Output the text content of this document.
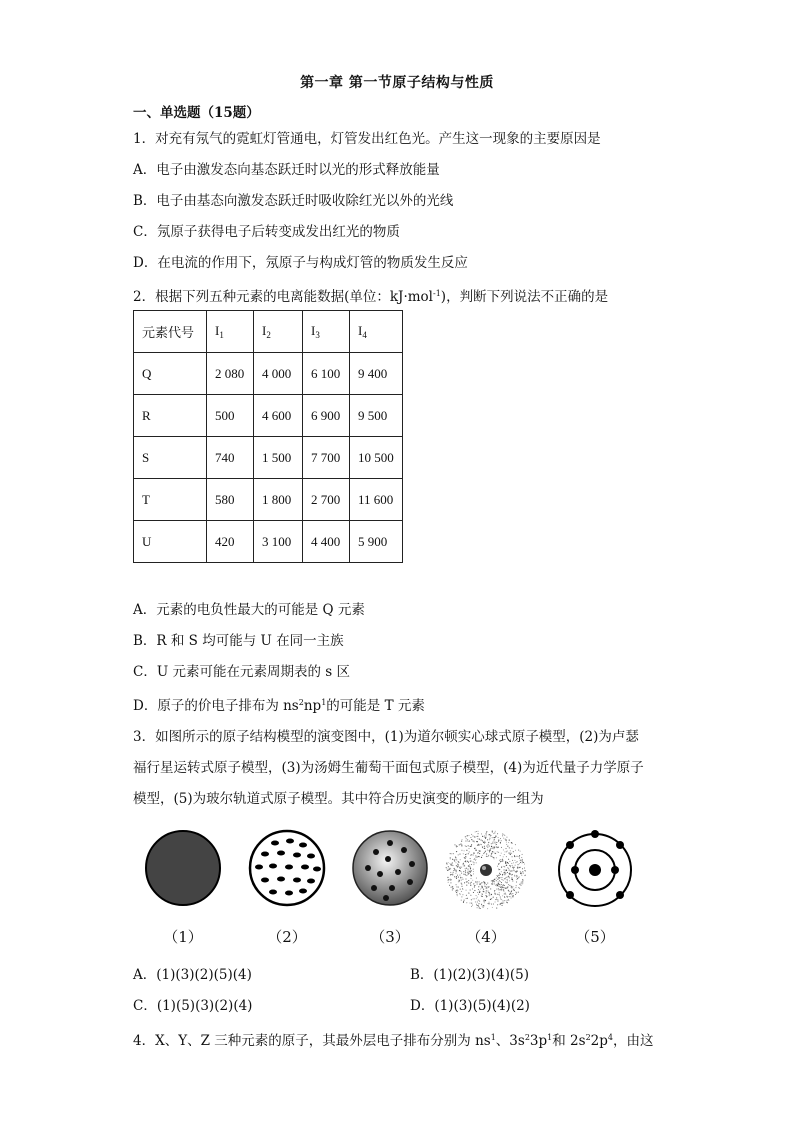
第一章 第一节原子结构与性质
一、单选题（15题）
1．对充有氖气的霓虹灯管通电，灯管发出红色光。产生这一现象的主要原因是
A．电子由激发态向基态跃迁时以光的形式释放能量
B．电子由基态向激发态跃迁时吸收除红光以外的光线
C．氖原子获得电子后转变成发出红光的物质
D．在电流的作用下，氖原子与构成灯管的物质发生反应
2．根据下列五种元素的电离能数据(单位：kJ·mol$^{-1}$)，判断下列说法不正确的是
元素代号	$I_1$	$I_2$	$I_3$	$I_4$
Q	2 080	4 000	6 100	9 400
R	500	4 600	6 900	9 500
S	740	1 500	7 700	10 500
T	580	1 800	2 700	11 600
U	420	3 100	4 400	5 900
A．元素的电负性最大的可能是 Q 元素
B．R 和 S 均可能与 U 在同一主族
C．U 元素可能在元素周期表的 s 区
D．原子的价电子排布为 $ns^2np^1$的可能是 T 元素
3．如图所示的原子结构模型的演变图中，(1)为道尔顿实心球式原子模型，(2)为卢瑟
福行星运转式原子模型，(3)为汤姆生葡萄干面包式原子模型，(4)为近代量子力学原子
模型，(5)为玻尔轨道式原子模型。其中符合历史演变的顺序的一组为
（1）	（2）	（3）	（4）	（5）
A．(1)(3)(2)(5)(4)	B．(1)(2)(3)(4)(5)
C．(1)(5)(3)(2)(4)	D．(1)(3)(5)(4)(2)
4．X、Y、Z 三种元素的原子，其最外层电子排布分别为 $ns^1$、$3s^23p^1$和 $2s^22p^4$，由这
